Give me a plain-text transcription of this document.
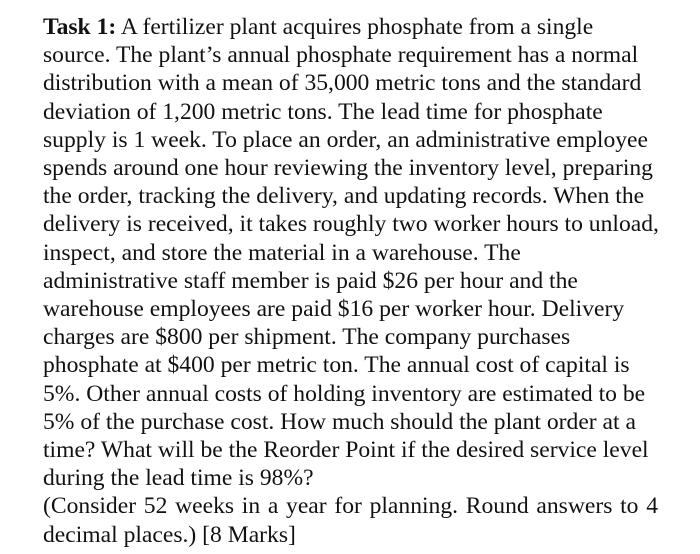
Task 1: A fertilizer plant acquires phosphate from a single
source. The plant’s annual phosphate requirement has a normal
distribution with a mean of 35,000 metric tons and the standard
deviation of 1,200 metric tons. The lead time for phosphate
supply is 1 week. To place an order, an administrative employee
spends around one hour reviewing the inventory level, preparing
the order, tracking the delivery, and updating records. When the
delivery is received, it takes roughly two worker hours to unload,
inspect, and store the material in a warehouse. The
administrative staff member is paid $26 per hour and the
warehouse employees are paid $16 per worker hour. Delivery
charges are $800 per shipment. The company purchases
phosphate at $400 per metric ton. The annual cost of capital is
5%. Other annual costs of holding inventory are estimated to be
5% of the purchase cost. How much should the plant order at a
time? What will be the Reorder Point if the desired service level
during the lead time is 98%?
(Consider 52 weeks in a year for planning. Round answers to 4
decimal places.) [8 Marks]
